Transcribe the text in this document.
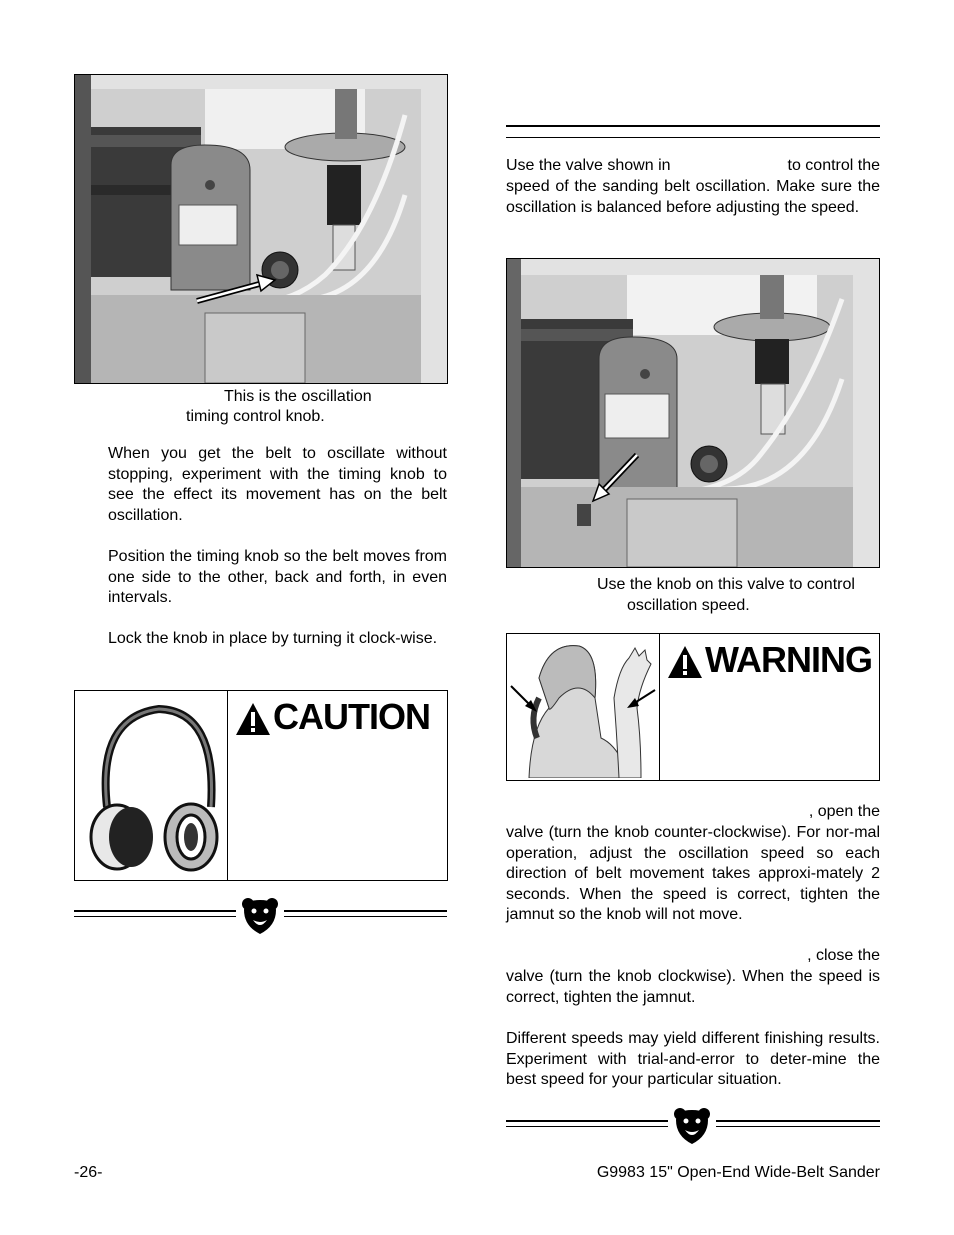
This is the oscillation
timing control knob.

When you get the belt to oscillate without stopping, experiment with the timing knob to see the effect its movement has on the belt oscillation.

Position the timing knob so the belt moves from one side to the other, back and forth, in even intervals.

Lock the knob in place by turning it clock-wise.

CAUTION
Use the valve shown in	to control the

speed of the sanding belt oscillation. Make sure the oscillation is balanced before adjusting the speed.

Use the knob on this valve to control
oscillation speed.
WARNING
, open the

valve (turn the knob counter-clockwise). For nor-mal operation, adjust the oscillation speed so each direction of belt movement takes approxi-mately 2 seconds. When the speed is correct, tighten the jamnut so the knob will not move.

, close the

valve (turn the knob clockwise). When the speed is correct, tighten the jamnut.

Different speeds may yield different finishing results. Experiment with trial-and-error to deter-mine the best speed for your particular situation.

-26-	G9983 15" Open-End Wide-Belt Sander
